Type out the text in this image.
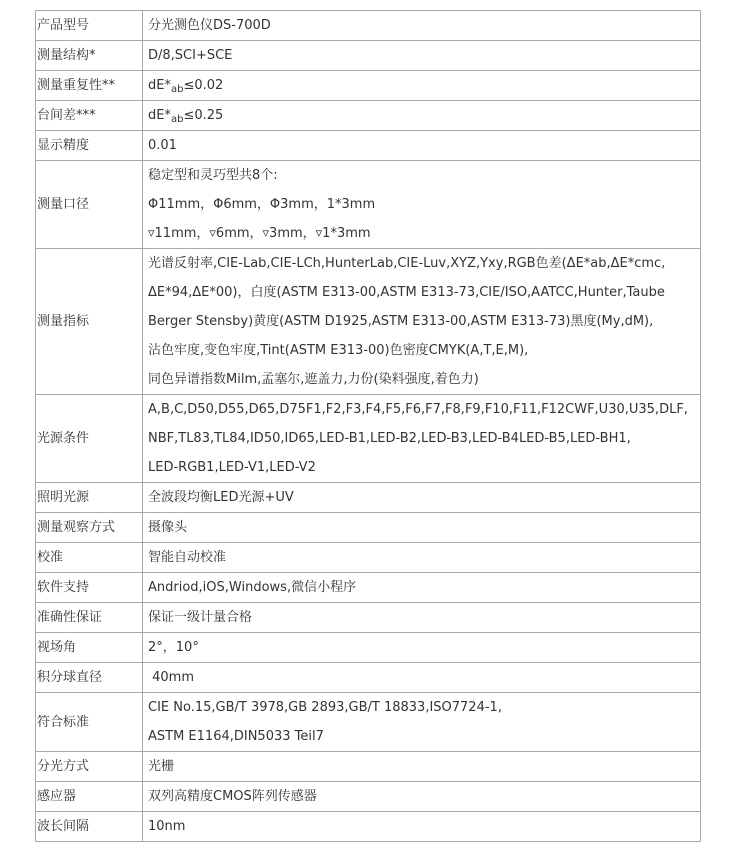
产品型号	分光测色仪DS-700D

测量结构*	D/8,SCI+SCE

测量重复性**	$dE*_{ab}\le 0.02$

台间差***	$dE*_{ab}\le 0.25$

显示精度	0.01

测量口径	稳定型和灵巧型共8个:
Φ11mm，Φ6mm，Φ3mm，1*3mm
▿11mm，▿6mm，▿3mm，▿1*3mm

测量指标	光谱反射率,CIE-Lab,CIE-LCh,HunterLab,CIE-Luv,XYZ,Yxy,RGB色差(ΔE*ab,ΔE*cmc,
ΔE*94,ΔE*00)，白度(ASTM E313-00,ASTM E313-73,CIE/ISO,AATCC,Hunter,Taube
Berger Stensby)黄度(ASTM D1925,ASTM E313-00,ASTM E313-73)黑度(My,dM),
沾色牢度,变色牢度,Tint(ASTM E313-00)色密度CMYK(A,T,E,M),
同色异谱指数Milm,孟塞尔,遮盖力,力份(染料强度,着色力)

光源条件	A,B,C,D50,D55,D65,D75F1,F2,F3,F4,F5,F6,F7,F8,F9,F10,F11,F12CWF,U30,U35,DLF,
NBF,TL83,TL84,ID50,ID65,LED-B1,LED-B2,LED-B3,LED-B4LED-B5,LED-BH1,
LED-RGB1,LED-V1,LED-V2

照明光源	全波段均衡LED光源+UV

测量观察方式	摄像头

校准	智能自动校准

软件支持	Andriod,iOS,Windows,微信小程序

准确性保证	保证一级计量合格

视场角	2°，10°

积分球直径	40mm

符合标准	CIE No.15,GB/T 3978,GB 2893,GB/T 18833,ISO7724-1,
ASTM E1164,DIN5033 Teil7

分光方式	光栅

感应器	双列高精度CMOS阵列传感器

波长间隔	10nm
